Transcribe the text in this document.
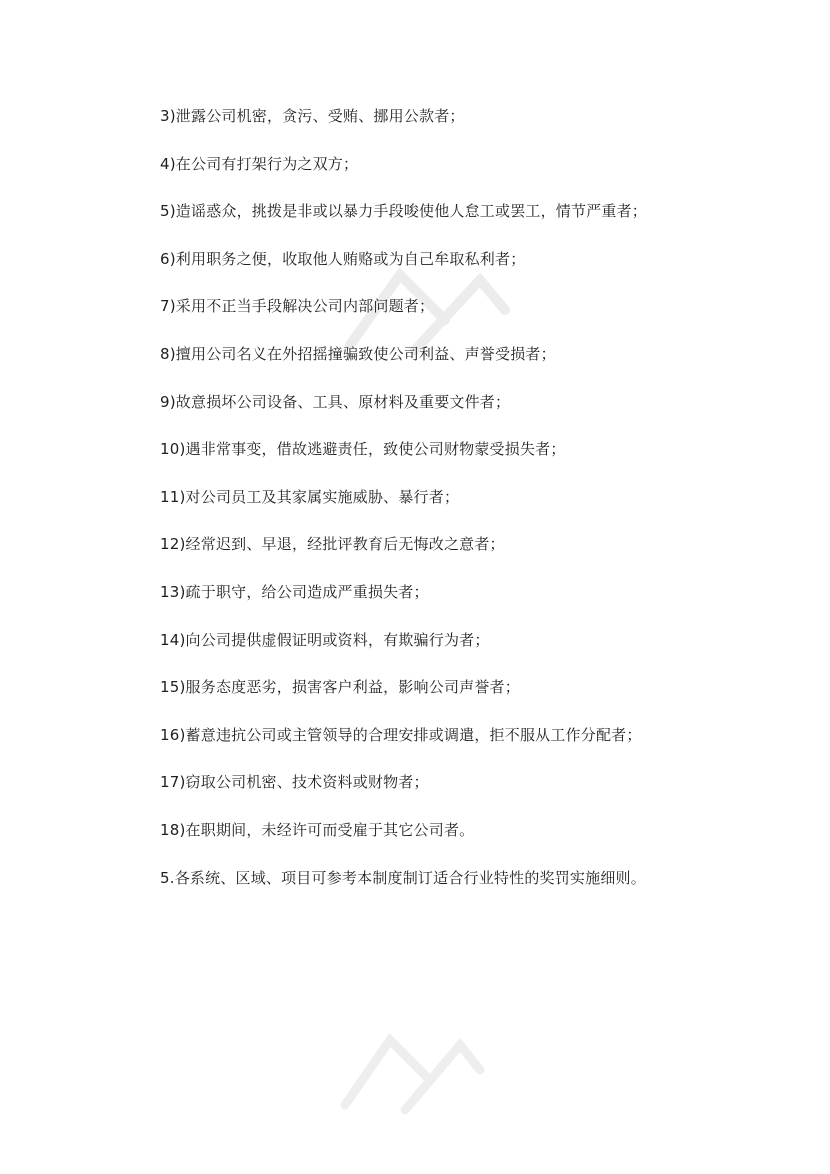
3)泄露公司机密，贪污、受贿、挪用公款者；
4)在公司有打架行为之双方；
5)造谣惑众，挑拨是非或以暴力手段唆使他人怠工或罢工，情节严重者；
6)利用职务之便，收取他人贿赂或为自己牟取私利者；
7)采用不正当手段解决公司内部问题者；
8)擅用公司名义在外招摇撞骗致使公司利益、声誉受损者；
9)故意损坏公司设备、工具、原材料及重要文件者；
10)遇非常事变，借故逃避责任，致使公司财物蒙受损失者；
11)对公司员工及其家属实施威胁、暴行者；
12)经常迟到、早退，经批评教育后无悔改之意者；
13)疏于职守，给公司造成严重损失者；
14)向公司提供虚假证明或资料，有欺骗行为者；
15)服务态度恶劣，损害客户利益，影响公司声誉者；
16)蓄意违抗公司或主管领导的合理安排或调遣，拒不服从工作分配者；
17)窃取公司机密、技术资料或财物者；
18)在职期间，未经许可而受雇于其它公司者。
5.各系统、区域、项目可参考本制度制订适合行业特性的奖罚实施细则。
